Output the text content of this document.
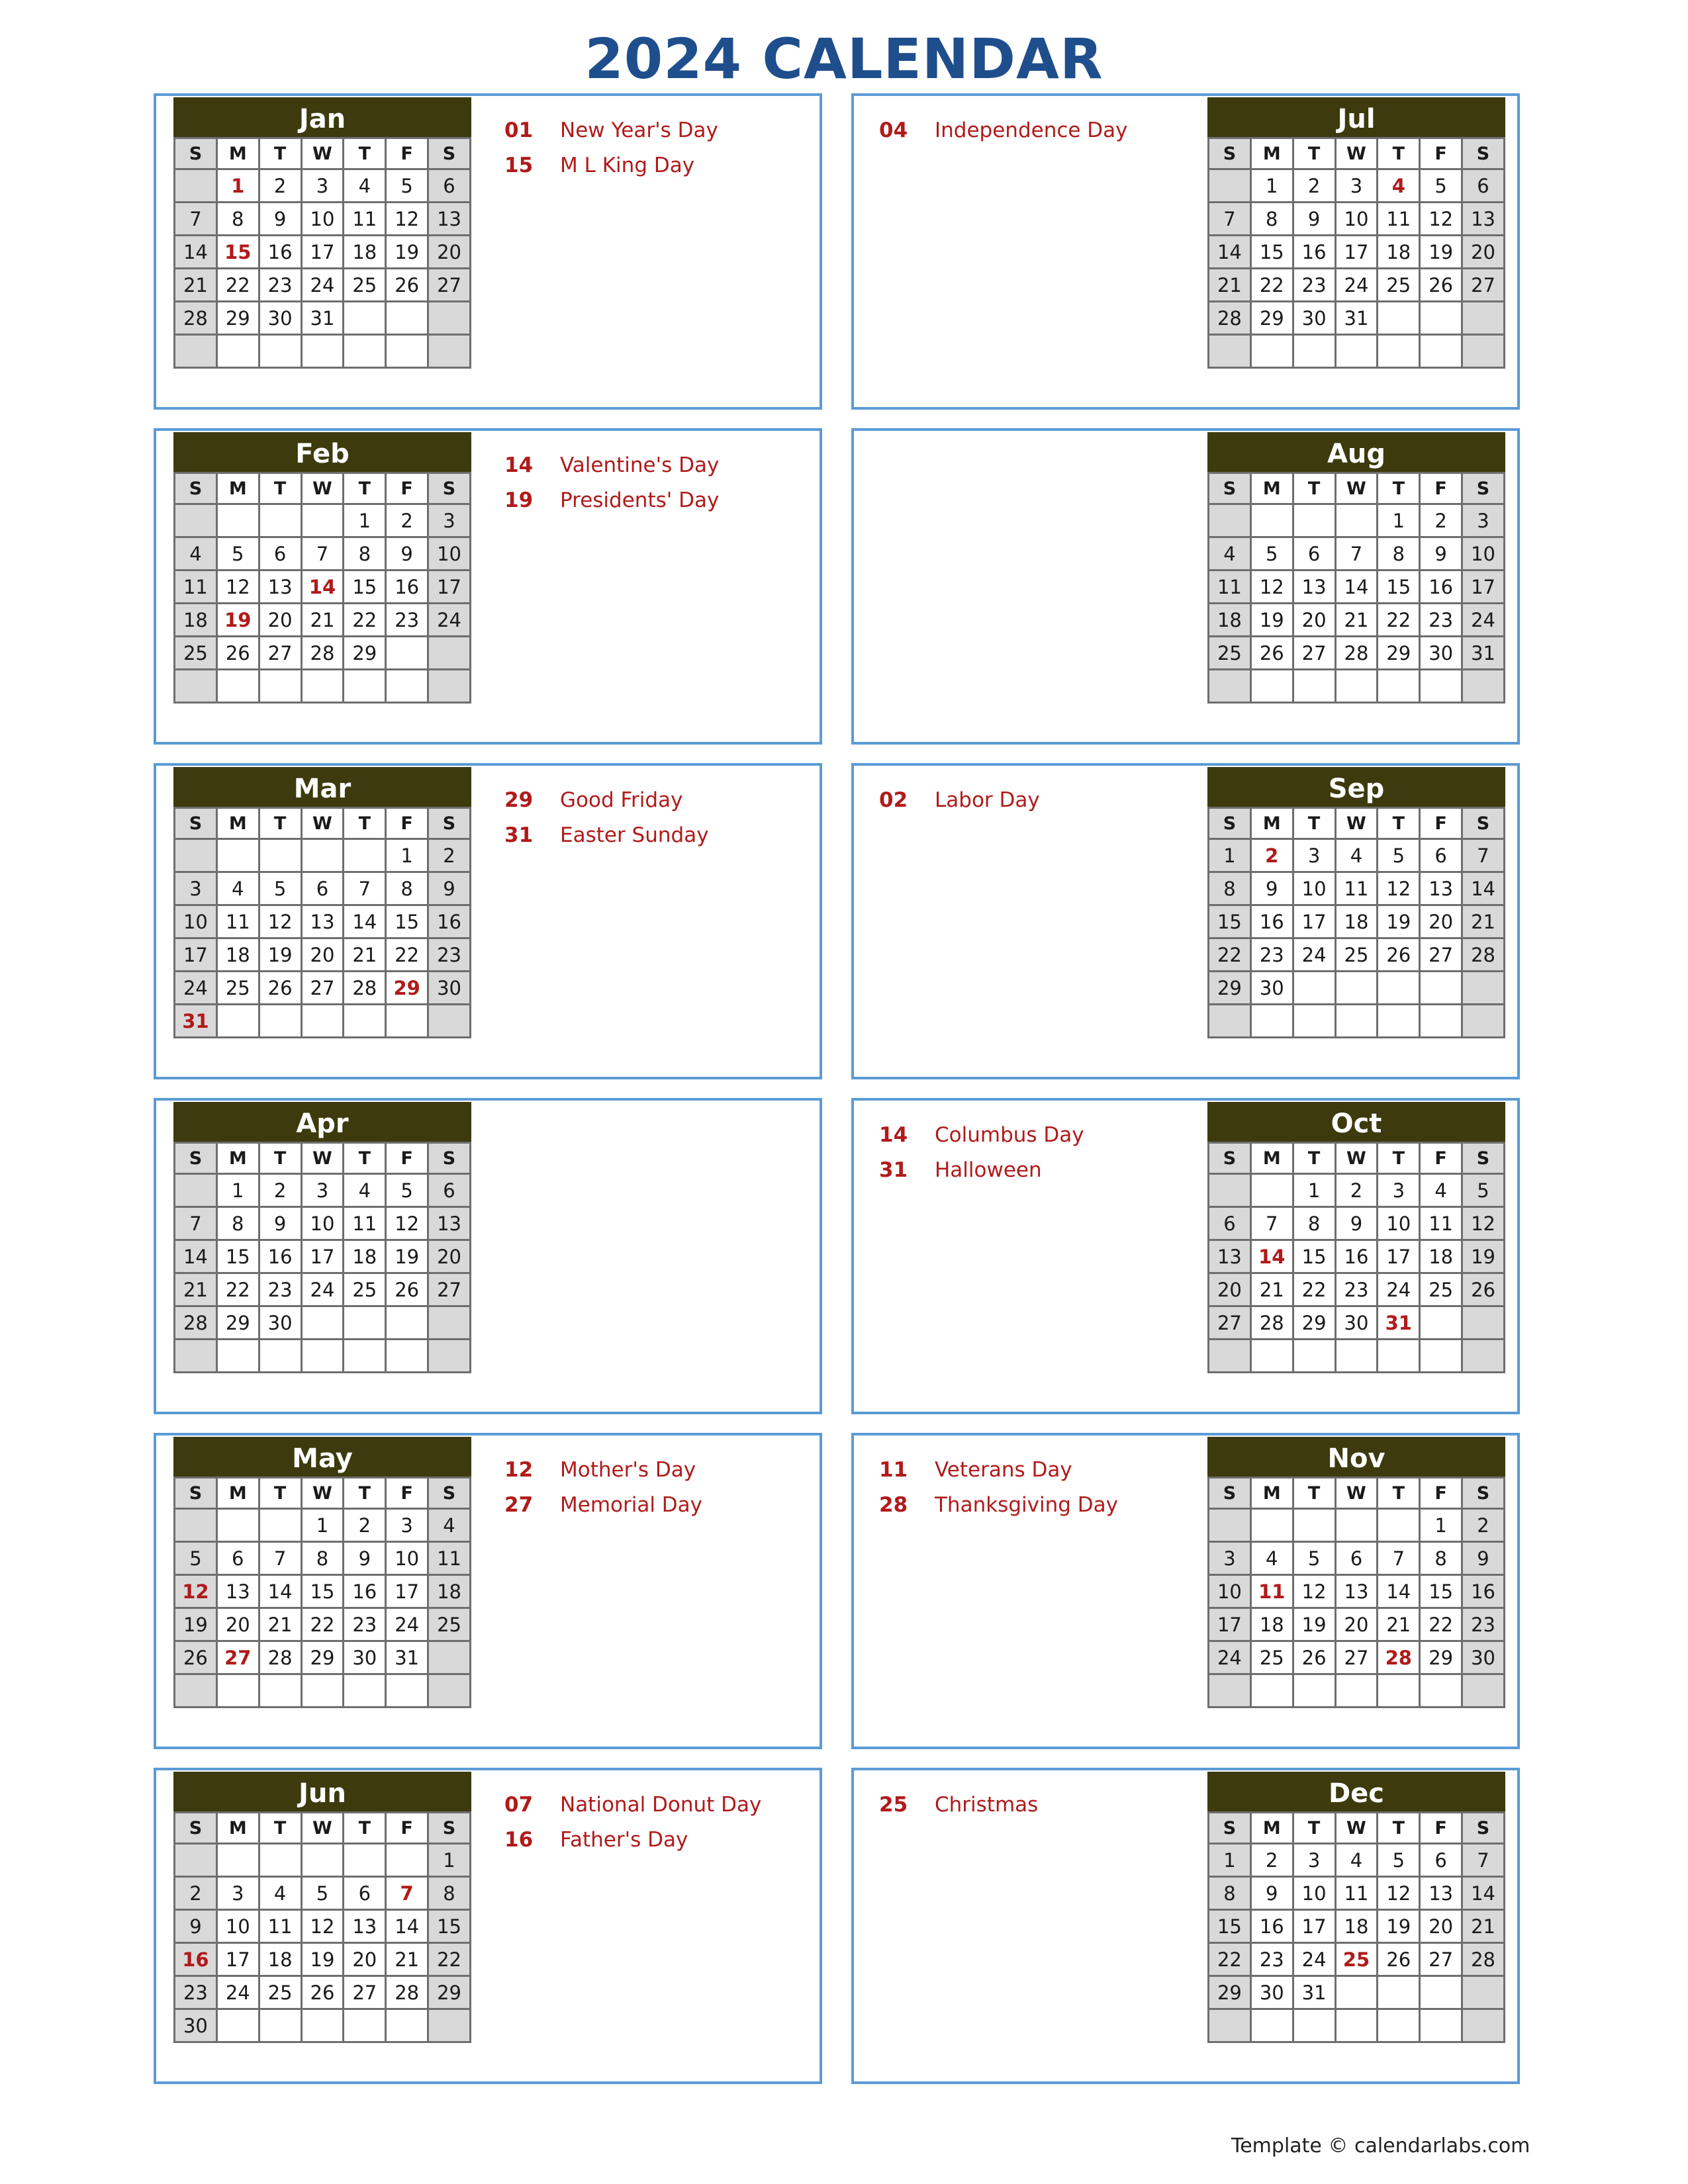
2024 CALENDAR
Jan
S	M	T	W	T	F	S
	1	2	3	4	5	6
7	8	9	10	11	12	13
14	15	16	17	18	19	20
21	22	23	24	25	26	27
28	29	30	31			

01 New Year's Day
15 M L King Day
Feb
S	M	T	W	T	F	S
				1	2	3
4	5	6	7	8	9	10
11	12	13	14	15	16	17
18	19	20	21	22	23	24
25	26	27	28	29		

14 Valentine's Day
19 Presidents' Day
Mar
S	M	T	W	T	F	S
					1	2
3	4	5	6	7	8	9
10	11	12	13	14	15	16
17	18	19	20	21	22	23
24	25	26	27	28	29	30
31						
29 Good Friday
31 Easter Sunday
Apr
S	M	T	W	T	F	S
	1	2	3	4	5	6
7	8	9	10	11	12	13
14	15	16	17	18	19	20
21	22	23	24	25	26	27
28	29	30				

May
S	M	T	W	T	F	S
			1	2	3	4
5	6	7	8	9	10	11
12	13	14	15	16	17	18
19	20	21	22	23	24	25
26	27	28	29	30	31	

12 Mother's Day
27 Memorial Day
Jun
S	M	T	W	T	F	S
						1
2	3	4	5	6	7	8
9	10	11	12	13	14	15
16	17	18	19	20	21	22
23	24	25	26	27	28	29
30						
07 National Donut Day
16 Father's Day
Jul
S	M	T	W	T	F	S
	1	2	3	4	5	6
7	8	9	10	11	12	13
14	15	16	17	18	19	20
21	22	23	24	25	26	27
28	29	30	31			

04 Independence Day
Aug
S	M	T	W	T	F	S
				1	2	3
4	5	6	7	8	9	10
11	12	13	14	15	16	17
18	19	20	21	22	23	24
25	26	27	28	29	30	31

Sep
S	M	T	W	T	F	S
1	2	3	4	5	6	7
8	9	10	11	12	13	14
15	16	17	18	19	20	21
22	23	24	25	26	27	28
29	30					

02 Labor Day
Oct
S	M	T	W	T	F	S
		1	2	3	4	5
6	7	8	9	10	11	12
13	14	15	16	17	18	19
20	21	22	23	24	25	26
27	28	29	30	31		

14 Columbus Day
31 Halloween
Nov
S	M	T	W	T	F	S
					1	2
3	4	5	6	7	8	9
10	11	12	13	14	15	16
17	18	19	20	21	22	23
24	25	26	27	28	29	30

11 Veterans Day
28 Thanksgiving Day
Dec
S	M	T	W	T	F	S
1	2	3	4	5	6	7
8	9	10	11	12	13	14
15	16	17	18	19	20	21
22	23	24	25	26	27	28
29	30	31				

25 Christmas
Template © calendarlabs.com
